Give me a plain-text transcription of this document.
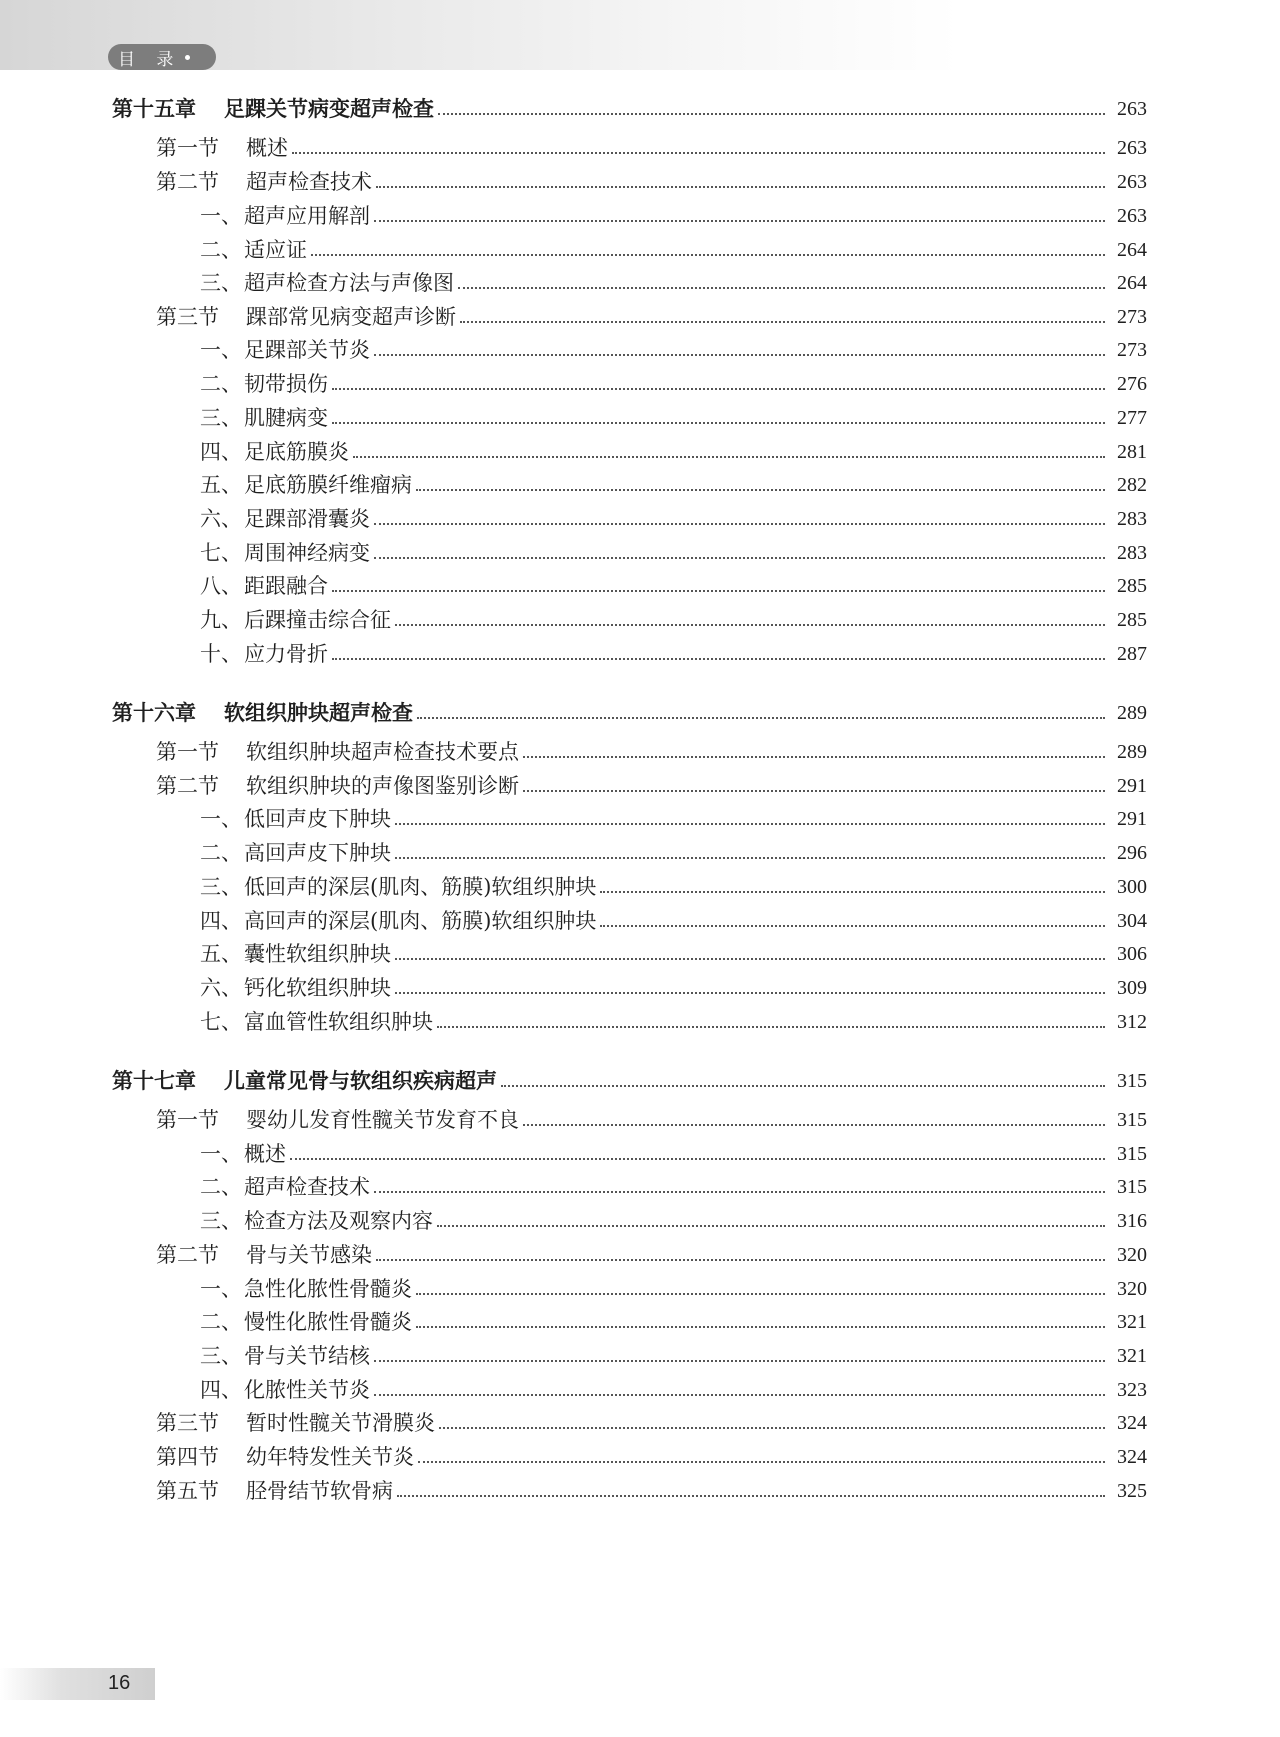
目 录
第十五章 足踝关节病变超声检查	263
第一节 概述	263
第二节 超声检查技术	263
一、超声应用解剖	263
二、适应证	264
三、超声检查方法与声像图	264
第三节 踝部常见病变超声诊断	273
一、足踝部关节炎	273
二、韧带损伤	276
三、肌腱病变	277
四、足底筋膜炎	281
五、足底筋膜纤维瘤病	282
六、足踝部滑囊炎	283
七、周围神经病变	283
八、距跟融合	285
九、后踝撞击综合征	285
十、应力骨折	287
第十六章 软组织肿块超声检查	289
第一节 软组织肿块超声检查技术要点	289
第二节 软组织肿块的声像图鉴别诊断	291
一、低回声皮下肿块	291
二、高回声皮下肿块	296
三、低回声的深层(肌肉、筋膜)软组织肿块	300
四、高回声的深层(肌肉、筋膜)软组织肿块	304
五、囊性软组织肿块	306
六、钙化软组织肿块	309
七、富血管性软组织肿块	312
第十七章 儿童常见骨与软组织疾病超声	315
第一节 婴幼儿发育性髋关节发育不良	315
一、概述	315
二、超声检查技术	315
三、检查方法及观察内容	316
第二节 骨与关节感染	320
一、急性化脓性骨髓炎	320
二、慢性化脓性骨髓炎	321
三、骨与关节结核	321
四、化脓性关节炎	323
第三节 暂时性髋关节滑膜炎	324
第四节 幼年特发性关节炎	324
第五节 胫骨结节软骨病	325
16
